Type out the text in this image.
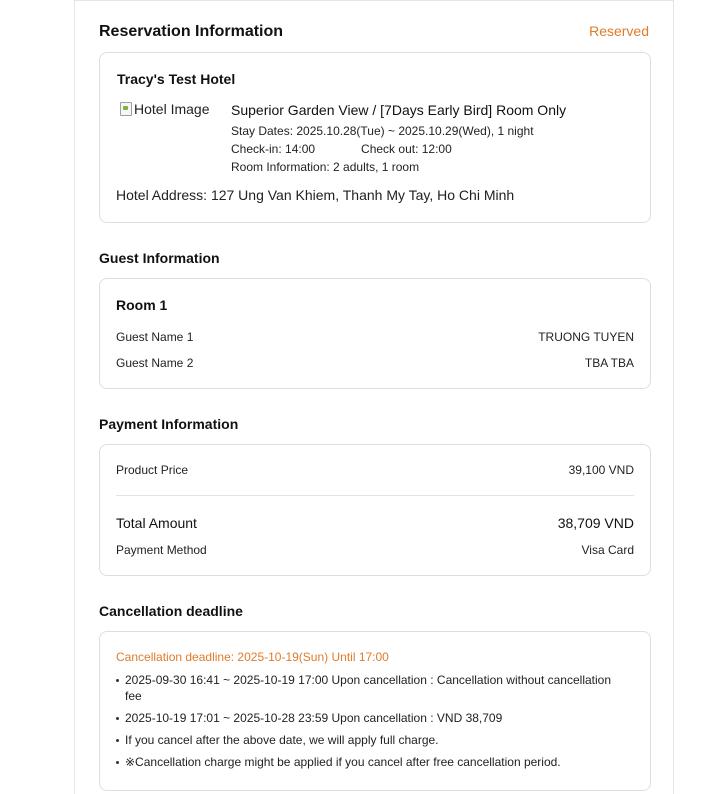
Reservation Information	Reserved
Tracy's Test Hotel
Hotel Image Superior Garden View / [7Days Early Bird] Room Only
Stay Dates: 2025.10.28(Tue) ~ 2025.10.29(Wed), 1 night
Check-in: 14:00	Check out: 12:00
Room Information: 2 adults, 1 room
Hotel Address: 127 Ung Van Khiem, Thanh My Tay, Ho Chi Minh
Guest Information
Room 1
Guest Name 1	TRUONG TUYEN
Guest Name 2	TBA TBA
Payment Information
Product Price	39,100 VND
Total Amount	38,709 VND
Payment Method	Visa Card
Cancellation deadline
Cancellation deadline: 2025-10-19(Sun) Until 17:00
2025-09-30 16:41 ~ 2025-10-19 17:00 Upon cancellation : Cancellation without cancellation fee
2025-10-19 17:01 ~ 2025-10-28 23:59 Upon cancellation : VND 38,709
If you cancel after the above date, we will apply full charge.
※Cancellation charge might be applied if you cancel after free cancellation period.
